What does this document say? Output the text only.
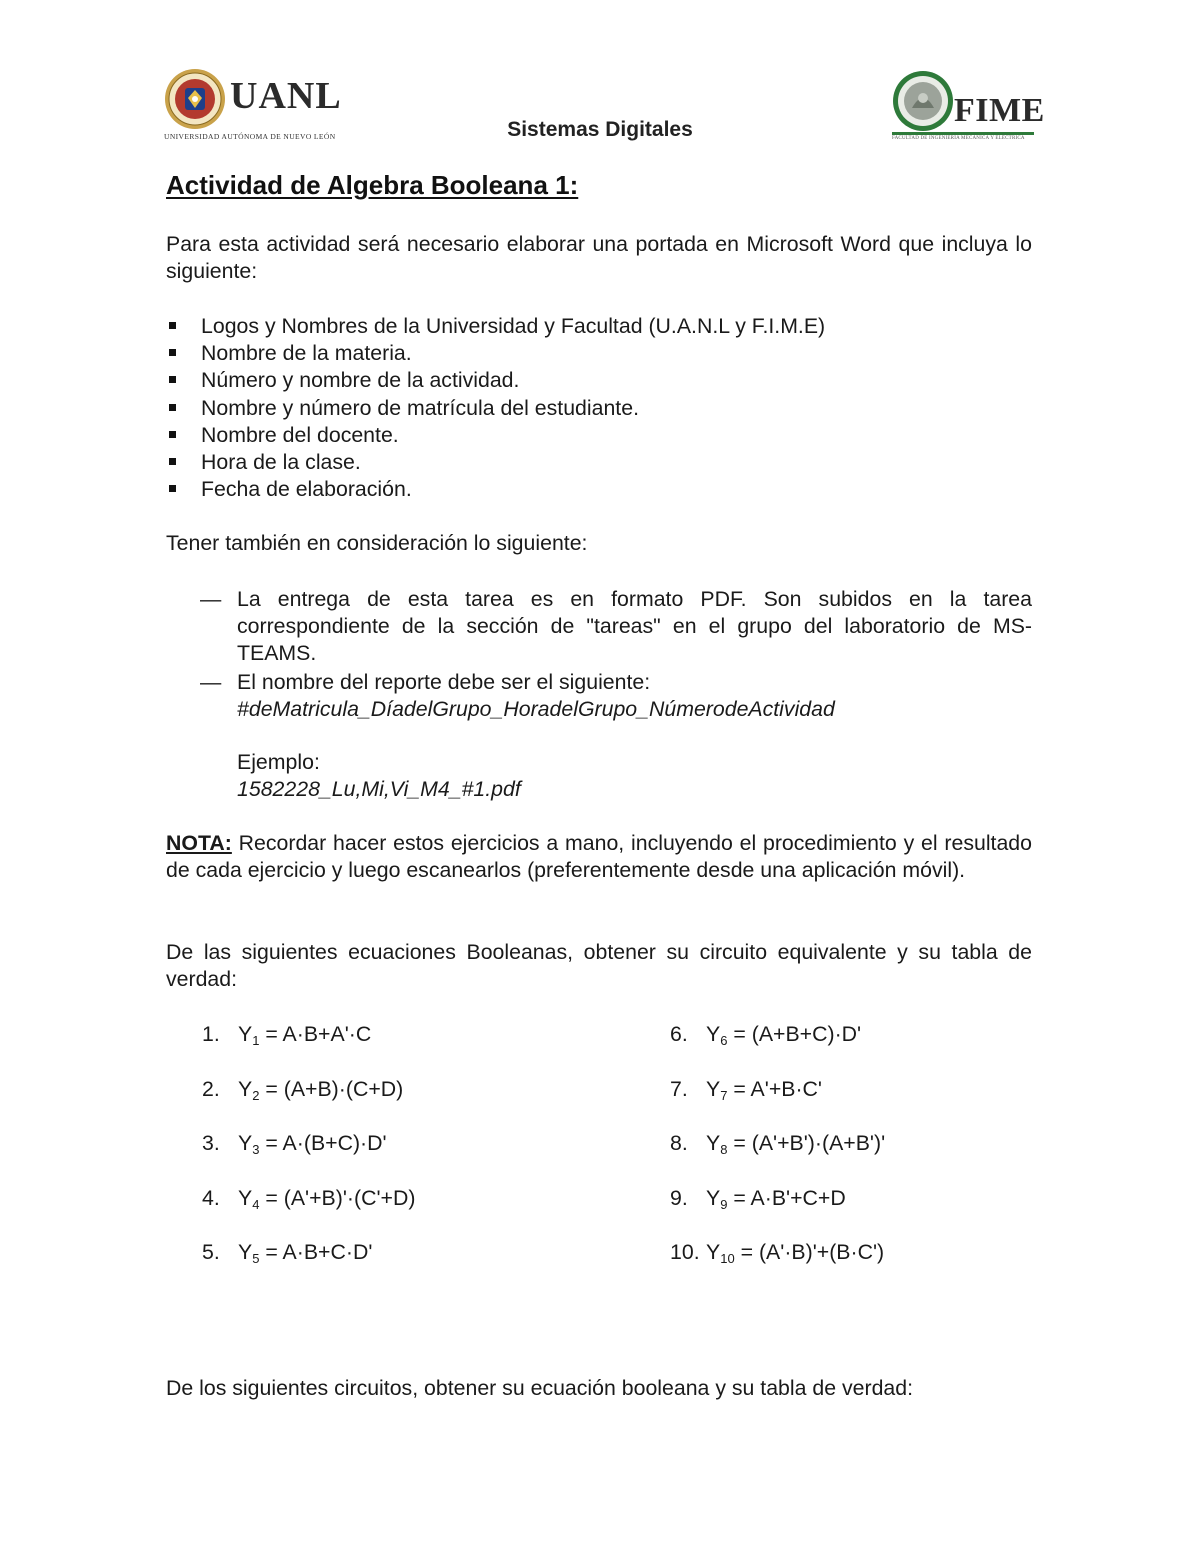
UANL
UNIVERSIDAD AUTÓNOMA DE NUEVO LEÓN
FIME
FACULTAD DE INGENIERÍA MECÁNICA Y ELÉCTRICA
Sistemas Digitales
Actividad de Algebra Booleana 1:
Para esta actividad será necesario elaborar una portada en Microsoft Word que incluya lo siguiente:
Logos y Nombres de la Universidad y Facultad (U.A.N.L y F.I.M.E)
Nombre de la materia.
Número y nombre de la actividad.
Nombre y número de matrícula del estudiante.
Nombre del docente.
Hora de la clase.
Fecha de elaboración.
Tener también en consideración lo siguiente:
— La entrega de esta tarea es en formato PDF. Son subidos en la tarea correspondiente de la sección de "tareas" en el grupo del laboratorio de MS-TEAMS.
— El nombre del reporte debe ser el siguiente:
#deMatricula_DíadelGrupo_HoradelGrupo_NúmerodeActividad
Ejemplo:
1582228_Lu,Mi,Vi_M4_#1.pdf
NOTA: Recordar hacer estos ejercicios a mano, incluyendo el procedimiento y el resultado de cada ejercicio y luego escanearlos (preferentemente desde una aplicación móvil).
De las siguientes ecuaciones Booleanas, obtener su circuito equivalente y su tabla de verdad:
1. $Y_1 = A\cdot B+A'\cdot C$
2. $Y_2 = (A+B)\cdot(C+D)$
3. $Y_3 = A\cdot(B+C)\cdot D'$
4. $Y_4 = (A'+B)'\cdot(C'+D)$
5. $Y_5 = A\cdot B+C\cdot D'$
6. $Y_6 = (A+B+C)\cdot D'$
7. $Y_7 = A'+B\cdot C'$
8. $Y_8 = (A'+B')\cdot(A+B')'$
9. $Y_9 = A\cdot B'+C+D$
10. $Y_{10} = (A'\cdot B)'+(B\cdot C')$
De los siguientes circuitos, obtener su ecuación booleana y su tabla de verdad:
